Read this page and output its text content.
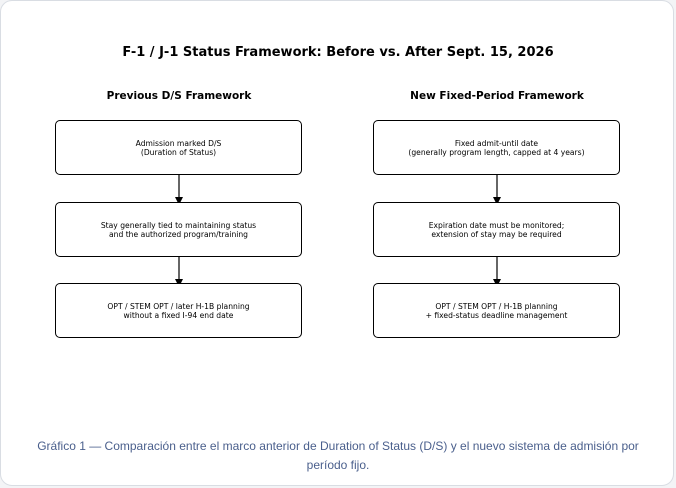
F-1 / J-1 Status Framework: Before vs. After Sept. 15, 2026
Previous D/S Framework	New Fixed-Period Framework
Admission marked D/S
(Duration of Status)
Stay generally tied to maintaining status
and the authorized program/training
OPT / STEM OPT / later H-1B planning
without a fixed I-94 end date
Fixed admit-until date
(generally program length, capped at 4 years)
Expiration date must be monitored;
extension of stay may be required
OPT / STEM OPT / H-1B planning
+ fixed-status deadline management
Gráfico 1 — Comparación entre el marco anterior de Duration of Status (D/S) y el nuevo sistema de admisión por período fijo.
